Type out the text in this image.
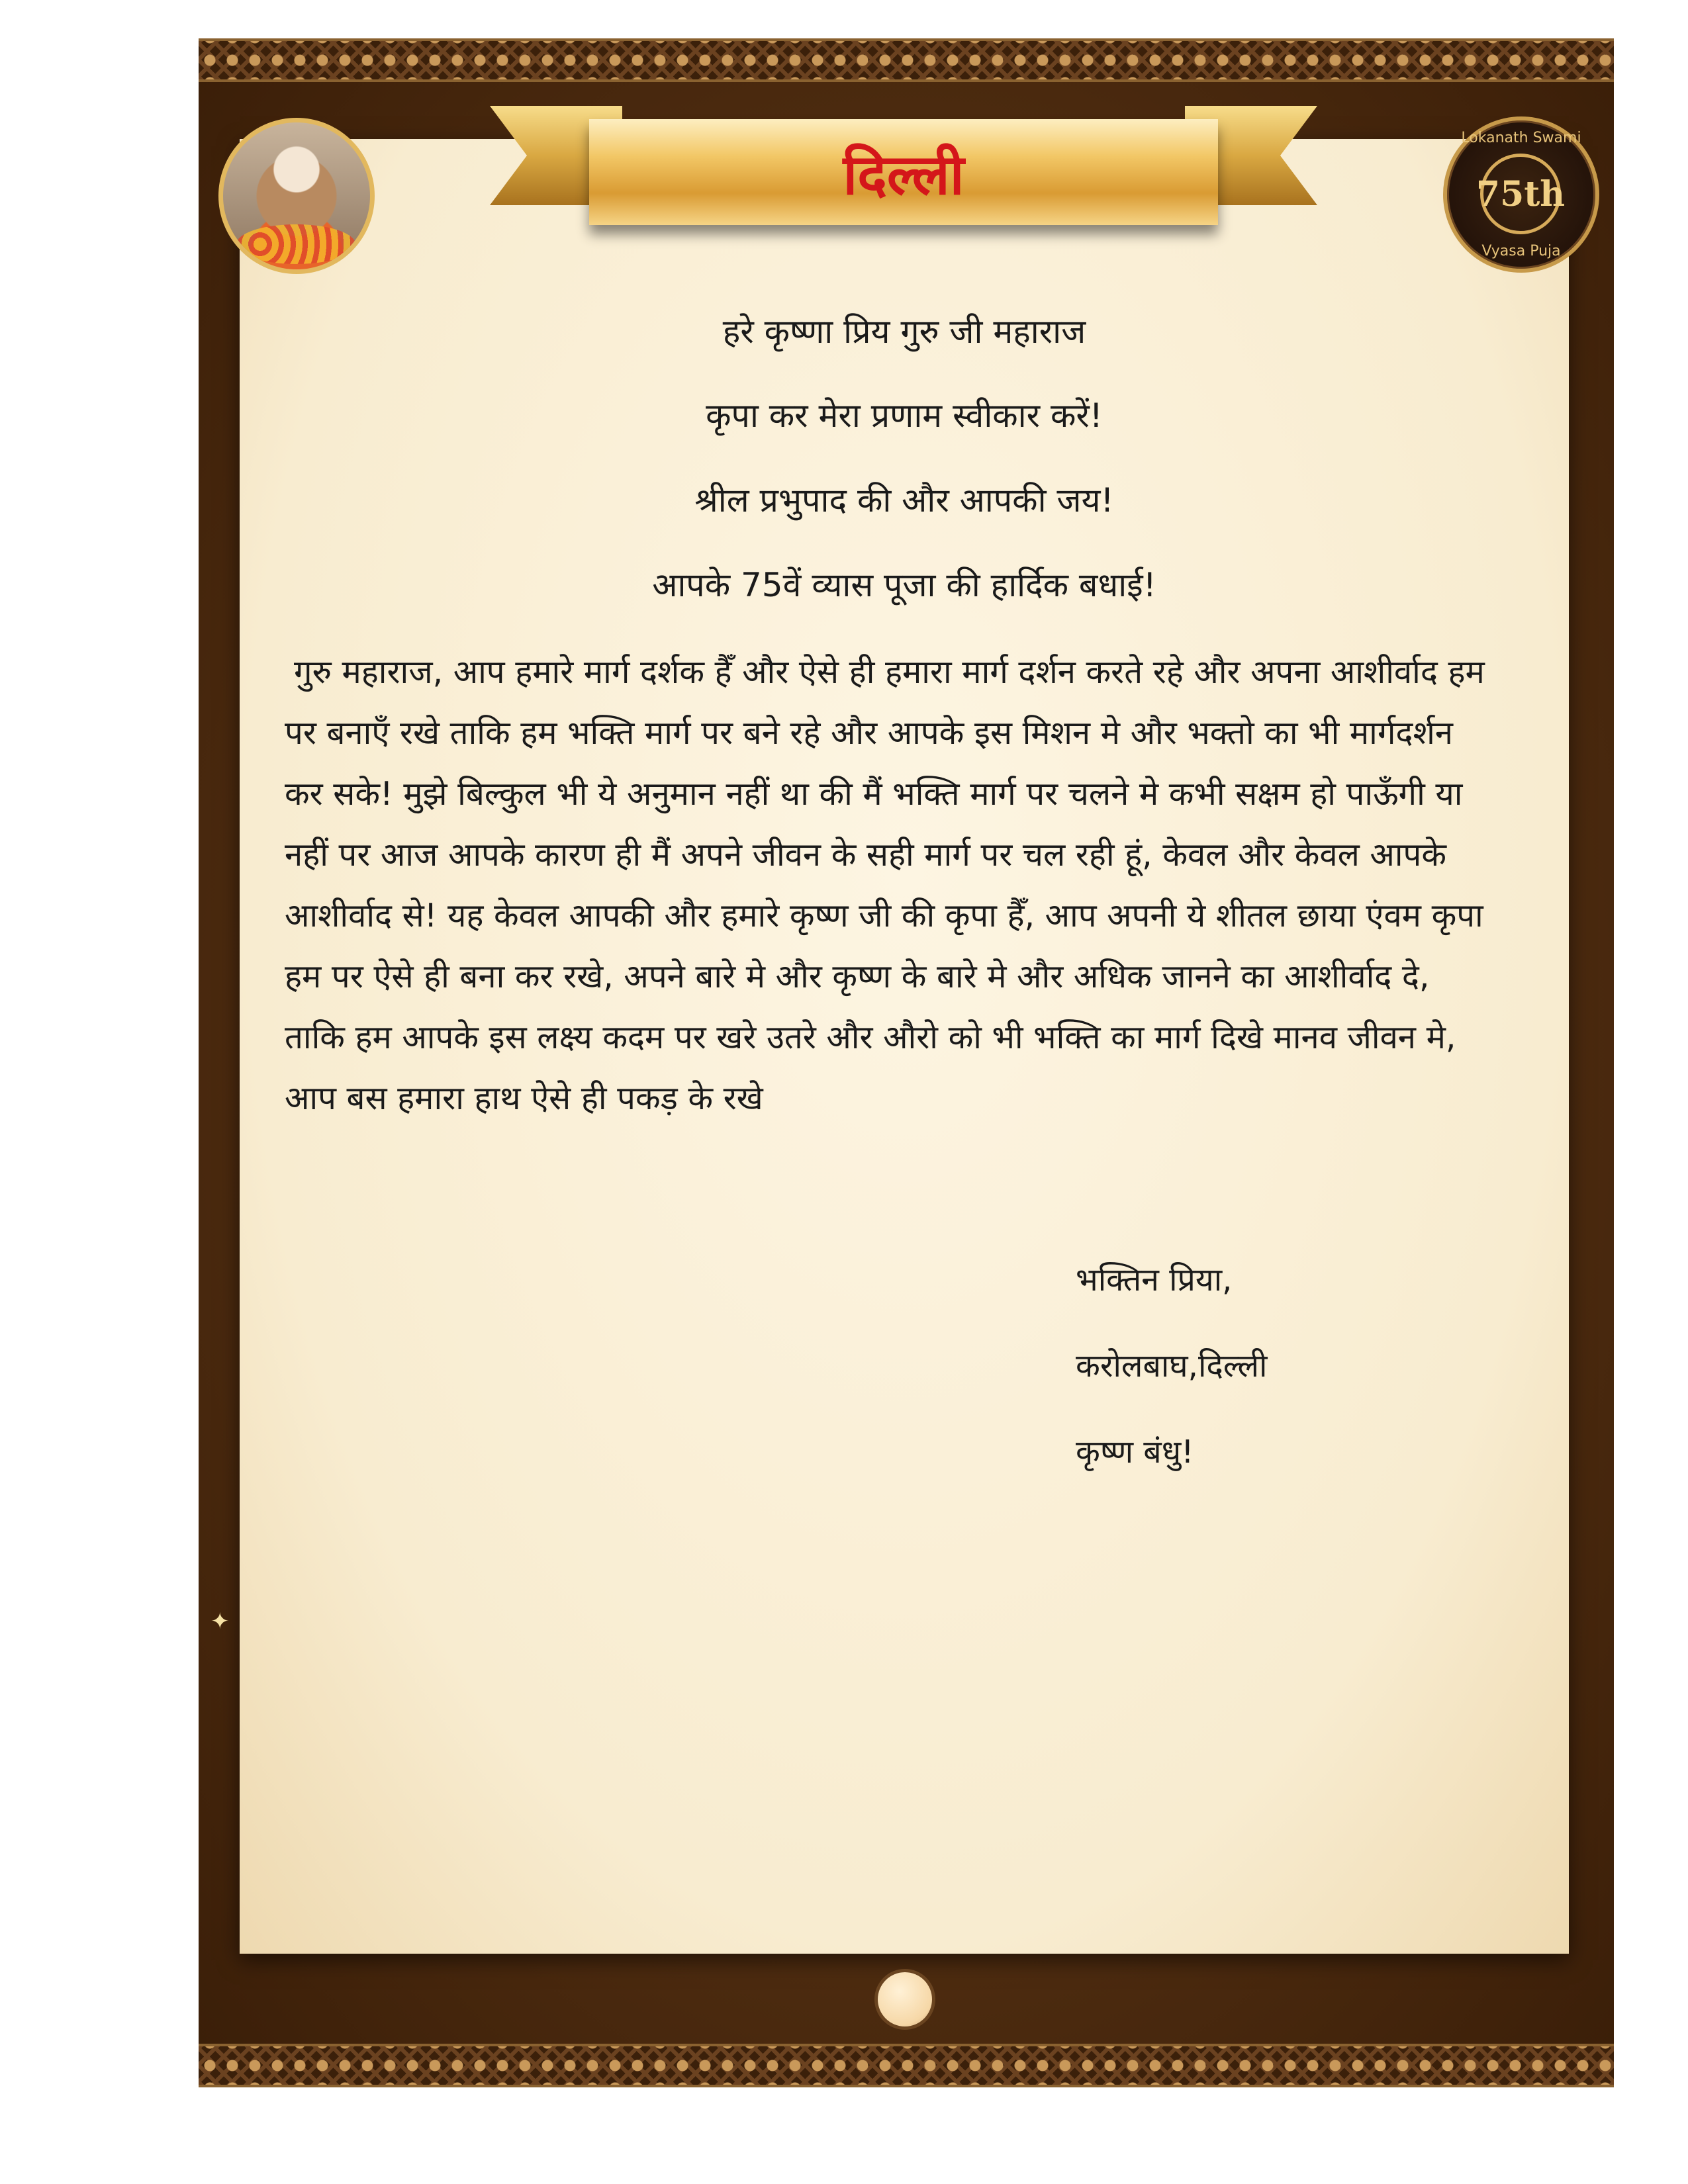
Lokanath Swami
75th
Vyasa Puja
दिल्ली
हरे कृष्णा प्रिय गुरु जी महाराज
कृपा कर मेरा प्रणाम स्वीकार करें!
श्रील प्रभुपाद की और आपकी जय!
आपके 75वें व्यास पूजा की हार्दिक बधाई!
गुरु महाराज, आप हमारे मार्ग दर्शक हैँ और ऐसे ही हमारा मार्ग दर्शन करते रहे और अपना आशीर्वाद हम पर बनाएँ रखे ताकि हम भक्ति मार्ग पर बने रहे और आपके इस मिशन मे और भक्तो का भी मार्गदर्शन कर सके! मुझे बिल्कुल भी ये अनुमान नहीं था की मैं भक्ति मार्ग पर चलने मे कभी सक्षम हो पाऊँगी या नहीं पर आज आपके कारण ही मैं अपने जीवन के सही मार्ग पर चल रही हूं, केवल और केवल आपके आशीर्वाद से! यह केवल आपकी और हमारे कृष्ण जी की कृपा हैँ, आप अपनी ये शीतल छाया एंवम कृपा हम पर ऐसे ही बना कर रखे, अपने बारे मे और कृष्ण के बारे मे और अधिक जानने का आशीर्वाद दे, ताकि हम आपके इस लक्ष्य कदम पर खरे उतरे और औरो को भी भक्ति का मार्ग दिखे मानव जीवन मे, आप बस हमारा हाथ ऐसे ही पकड़ के रखे
भक्तिन प्रिया,
करोलबाघ,दिल्ली
कृष्ण बंधु!
✦
